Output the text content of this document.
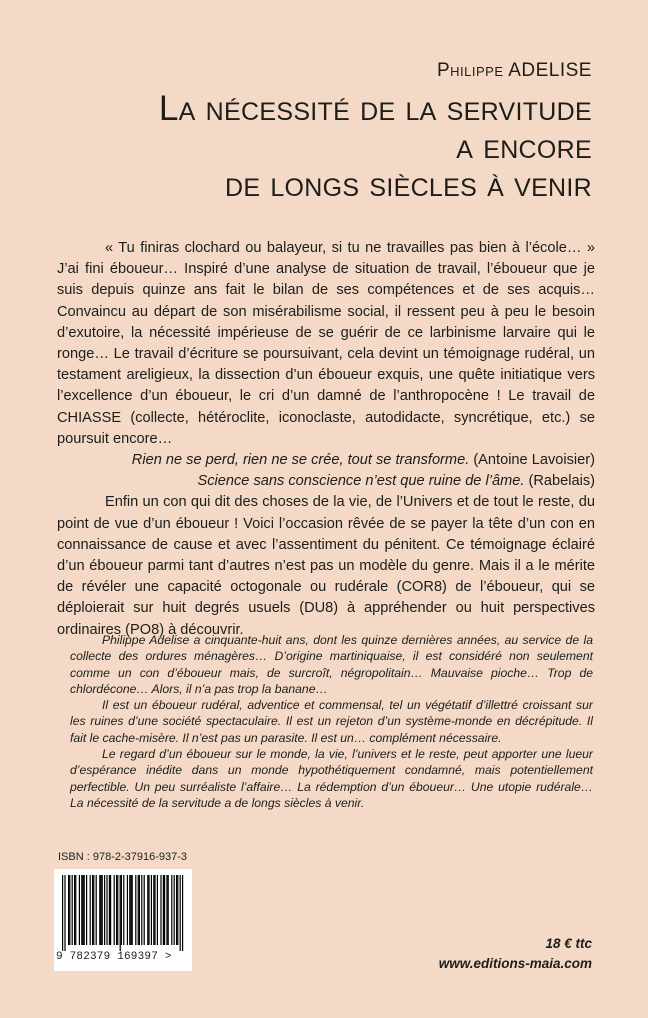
Philippe ADELISE
La nécessité de la servitude
a encore
de longs siècles à venir

« Tu finiras clochard ou balayeur, si tu ne travailles pas bien à l’école… » J’ai fini éboueur… Inspiré d’une analyse de situation de travail, l’éboueur que je suis depuis quinze ans fait le bilan de ses compétences et de ses acquis… Convaincu au départ de son misérabilisme social, il ressent peu à peu le besoin d’exutoire, la nécessité impérieuse de se guérir de ce larbinisme larvaire qui le ronge… Le travail d’écriture se poursuivant, cela devint un témoignage rudéral, un testament areligieux, la dissection d’un éboueur exquis, une quête initiatique vers l’excellence d’un éboueur, le cri d’un damné de l’anthropocène ! Le travail de CHIASSE (collecte, hétéroclite, iconoclaste, autodidacte, syncrétique, etc.) se poursuit encore…

Rien ne se perd, rien ne se crée, tout se transforme. (Antoine Lavoisier)

Science sans conscience n’est que ruine de l’âme. (Rabelais)

Enfin un con qui dit des choses de la vie, de l’Univers et de tout le reste, du point de vue d’un éboueur ! Voici l’occasion rêvée de se payer la tête d’un con en connaissance de cause et avec l’assentiment du pénitent. Ce témoignage éclairé d’un éboueur parmi tant d’autres n’est pas un modèle du genre. Mais il a le mérite de révéler une capacité octogonale ou rudérale (COR8) de l’éboueur, qui se déploierait sur huit degrés usuels (DU8) à appréhender ou huit perspectives ordinaires (PO8) à découvrir.

Philippe Adelise a cinquante-huit ans, dont les quinze dernières années, au service de la collecte des ordures ménagères… D’origine martiniquaise, il est considéré non seulement comme un con d’éboueur mais, de surcroît, négropolitain… Mauvaise pioche… Trop de chlordécone… Alors, il n’a pas trop la banane…

Il est un éboueur rudéral, adventice et commensal, tel un végétatif d’illettré croissant sur les ruines d’une société spectaculaire. Il est un rejeton d’un système-monde en décrépitude. Il fait le cache-misère. Il n’est pas un parasite. Il est un… complément nécessaire.

Le regard d’un éboueur sur le monde, la vie, l’univers et le reste, peut apporter une lueur d’espérance inédite dans un monde hypothétiquement condamné, mais potentiellement perfectible. Un peu surréaliste l’affaire… La rédemption d’un éboueur… Une utopie rudérale… La nécessité de la servitude a de longs siècles à venir.

ISBN : 978-2-37916-937-3
9 782379 169397 >
18 € ttc
www.editions-maia.com
